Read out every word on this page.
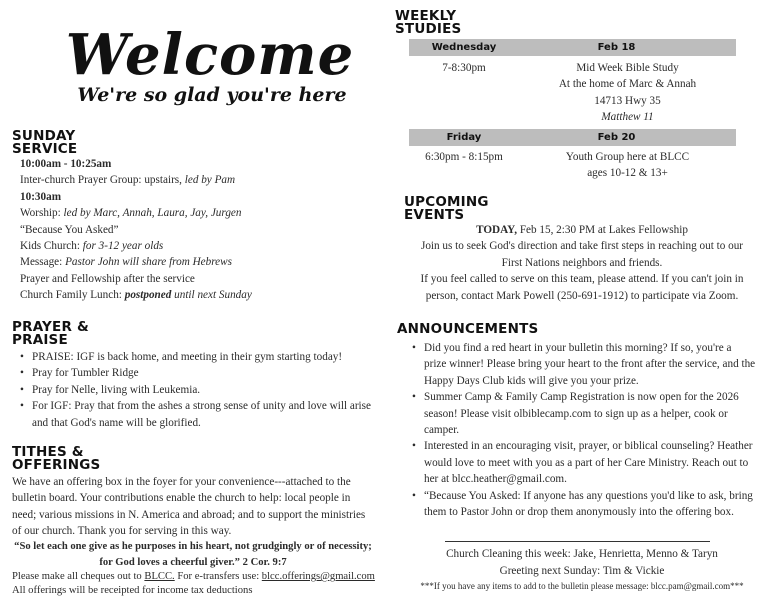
Welcome
We're so glad you're here
SUNDAY
SERVICE
10:00am - 10:25am
Inter-church Prayer Group: upstairs, led by Pam
10:30am
Worship: led by Marc, Annah, Laura, Jay, Jurgen
“Because You Asked”
Kids Church: for 3-12 year olds
Message: Pastor John will share from Hebrews
Prayer and Fellowship after the service
Church Family Lunch: postponed until next Sunday
PRAYER &
PRAISE
• PRAISE: IGF is back home, and meeting in their gym starting today!
• Pray for Tumbler Ridge
• Pray for Nelle, living with Leukemia.
• For IGF: Pray that from the ashes a strong sense of unity and love will arise and that God's name will be glorified.
TITHES &
OFFERINGS
We have an offering box in the foyer for your convenience---attached to the bulletin board. Your contributions enable the church to help: local people in need; various missions in N. America and abroad; and to support the ministries of our church. Thank you for serving in this way.
“So let each one give as he purposes in his heart, not grudgingly or of necessity;
for God loves a cheerful giver.” 2 Cor. 9:7
Please make all cheques out to BLCC. For e-transfers use: blcc.offerings@gmail.com
All offerings will be receipted for income tax deductions
WEEKLY
STUDIES
Wednesday	Feb 18
7-8:30pm	Mid Week Bible Study
At the home of Marc & Annah
14713 Hwy 35
Matthew 11
Friday	Feb 20
6:30pm - 8:15pm	Youth Group here at BLCC
ages 10-12 & 13+
UPCOMING
EVENTS
TODAY, Feb 15, 2:30 PM at Lakes Fellowship
Join us to seek God's direction and take first steps in reaching out to our
First Nations neighbors and friends.
If you feel called to serve on this team, please attend. If you can't join in
person, contact Mark Powell (250-691-1912) to participate via Zoom.
ANNOUNCEMENTS
• Did you find a red heart in your bulletin this morning? If so, you're a prize winner! Please bring your heart to the front after the service, and the Happy Days Club kids will give you your prize.
• Summer Camp & Family Camp Registration is now open for the 2026 season! Please visit olbiblecamp.com to sign up as a helper, cook or camper.
• Interested in an encouraging visit, prayer, or biblical counseling? Heather would love to meet with you as a part of her Care Ministry. Reach out to her at blcc.heather@gmail.com.
• “Because You Asked: If anyone has any questions you'd like to ask, bring them to Pastor John or drop them anonymously into the offering box.
Church Cleaning this week: Jake, Henrietta, Menno & Taryn
Greeting next Sunday: Tim & Vickie
***If you have any items to add to the bulletin please message: blcc.pam@gmail.com***
